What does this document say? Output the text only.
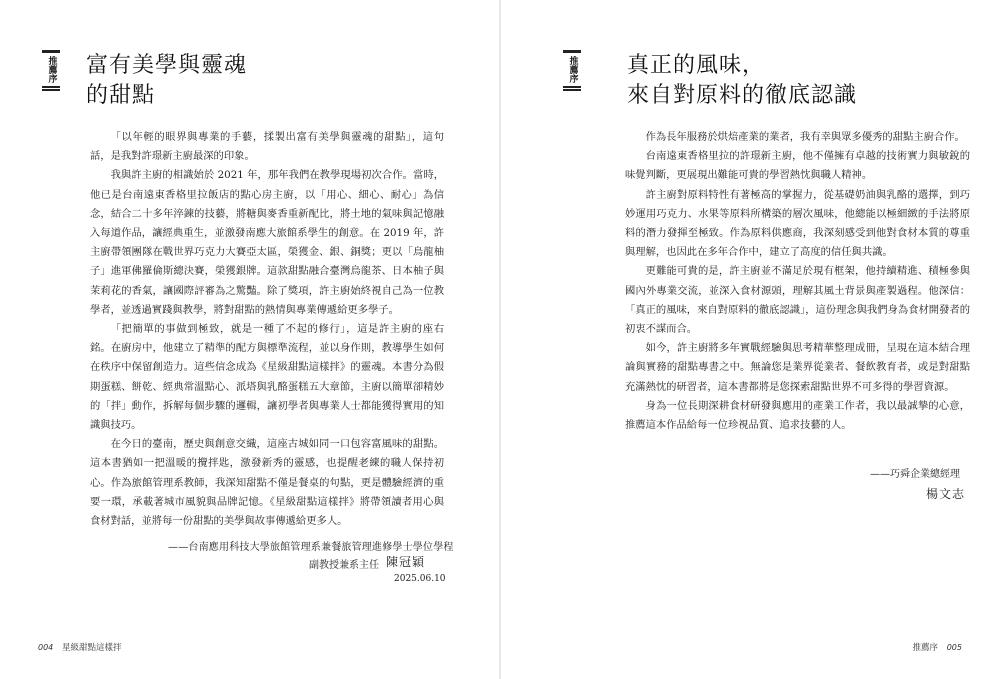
推薦序 富有美學與靈魂
的甜點

「以年輕的眼界與專業的手藝，揉製出富有美學與靈魂的甜點」，這句話，是我對許璟新主廚最深的印象。

我與許主廚的相識始於 2021 年，那年我們在教學現場初次合作。當時，他已是台南遠東香格里拉飯店的點心房主廚，以「用心、細心、耐心」為信念，結合二十多年淬鍊的技藝，將糖與麥香重新配比，將土地的氣味與記憶融入每道作品，讓經典重生，並激發南應大旅館系學生的創意。在 2019 年，許主廚帶領團隊在戰世界巧克力大賽亞太區，榮獲金、銀、銅獎；更以「烏龍柚子」進軍佛羅倫斯總決賽，榮獲銀牌。這款甜點融合臺灣烏龍茶、日本柚子與茉莉花的香氣，讓國際評審為之驚豔。除了獎項，許主廚始終視自己為一位教學者，並透過實踐與教學，將對甜點的熱情與專業傳遞給更多學子。

「把簡單的事做到極致，就是一種了不起的修行」，這是許主廚的座右銘。在廚房中，他建立了精準的配方與標準流程，並以身作則，教導學生如何在秩序中保留創造力。這些信念成為《星級甜點這樣拌》的靈魂。本書分為假期蛋糕、餅乾、經典常溫點心、派塔與乳酪蛋糕五大章節，主廚以簡單卻精妙的「拌」動作，拆解每個步驟的邏輯，讓初學者與專業人士都能獲得實用的知識與技巧。

在今日的臺南，歷史與創意交織，這座古城如同一口包容富風味的甜點。這本書猶如一把溫暖的攪拌匙，激發新秀的靈感，也提醒老練的職人保持初心。作為旅館管理系教師，我深知甜點不僅是餐桌的句點，更是體驗經濟的重要一環，承載著城市風貌與品牌記憶。《星級甜點這樣拌》將帶領讀者用心與食材對話，並將每一份甜點的美學與故事傳遞給更多人。

——台南應用科技大學旅館管理系兼餐旅管理進修學士學位學程
副教授兼系主任 陳冠穎
2025.06.10
004 星級甜點這樣拌
推薦序 真正的風味，
來自對原料的徹底認識

作為長年服務於烘焙產業的業者，我有幸與眾多優秀的甜點主廚合作。

台南遠東香格里拉的許璟新主廚，他不僅擁有卓越的技術實力與敏銳的味覺判斷，更展現出難能可貴的學習熱忱與職人精神。

許主廚對原料特性有著極高的掌握力，從基礎奶油與乳酪的選擇，到巧妙運用巧克力、水果等原料所構築的層次風味，他總能以極細緻的手法將原料的潛力發揮至極致。作為原料供應商，我深刻感受到他對食材本質的尊重與理解，也因此在多年合作中，建立了高度的信任與共識。

更難能可貴的是，許主廚並不滿足於現有框架，他持續精進、積極參與國內外專業交流，並深入食材源頭，理解其風土背景與產製過程。他深信：「真正的風味，來自對原料的徹底認識」，這份理念與我們身為食材開發者的初衷不謀而合。

如今，許主廚將多年實戰經驗與思考精華整理成冊，呈現在這本結合理論與實務的甜點專書之中。無論您是業界從業者、餐飲教育者，或是對甜點充滿熱忱的研習者，這本書都將是您探索甜點世界不可多得的學習資源。

身為一位長期深耕食材研發與應用的產業工作者，我以最誠摯的心意，推薦這本作品給每一位珍視品質、追求技藝的人。

——巧舜企業總經理
楊文志
推薦序 005
